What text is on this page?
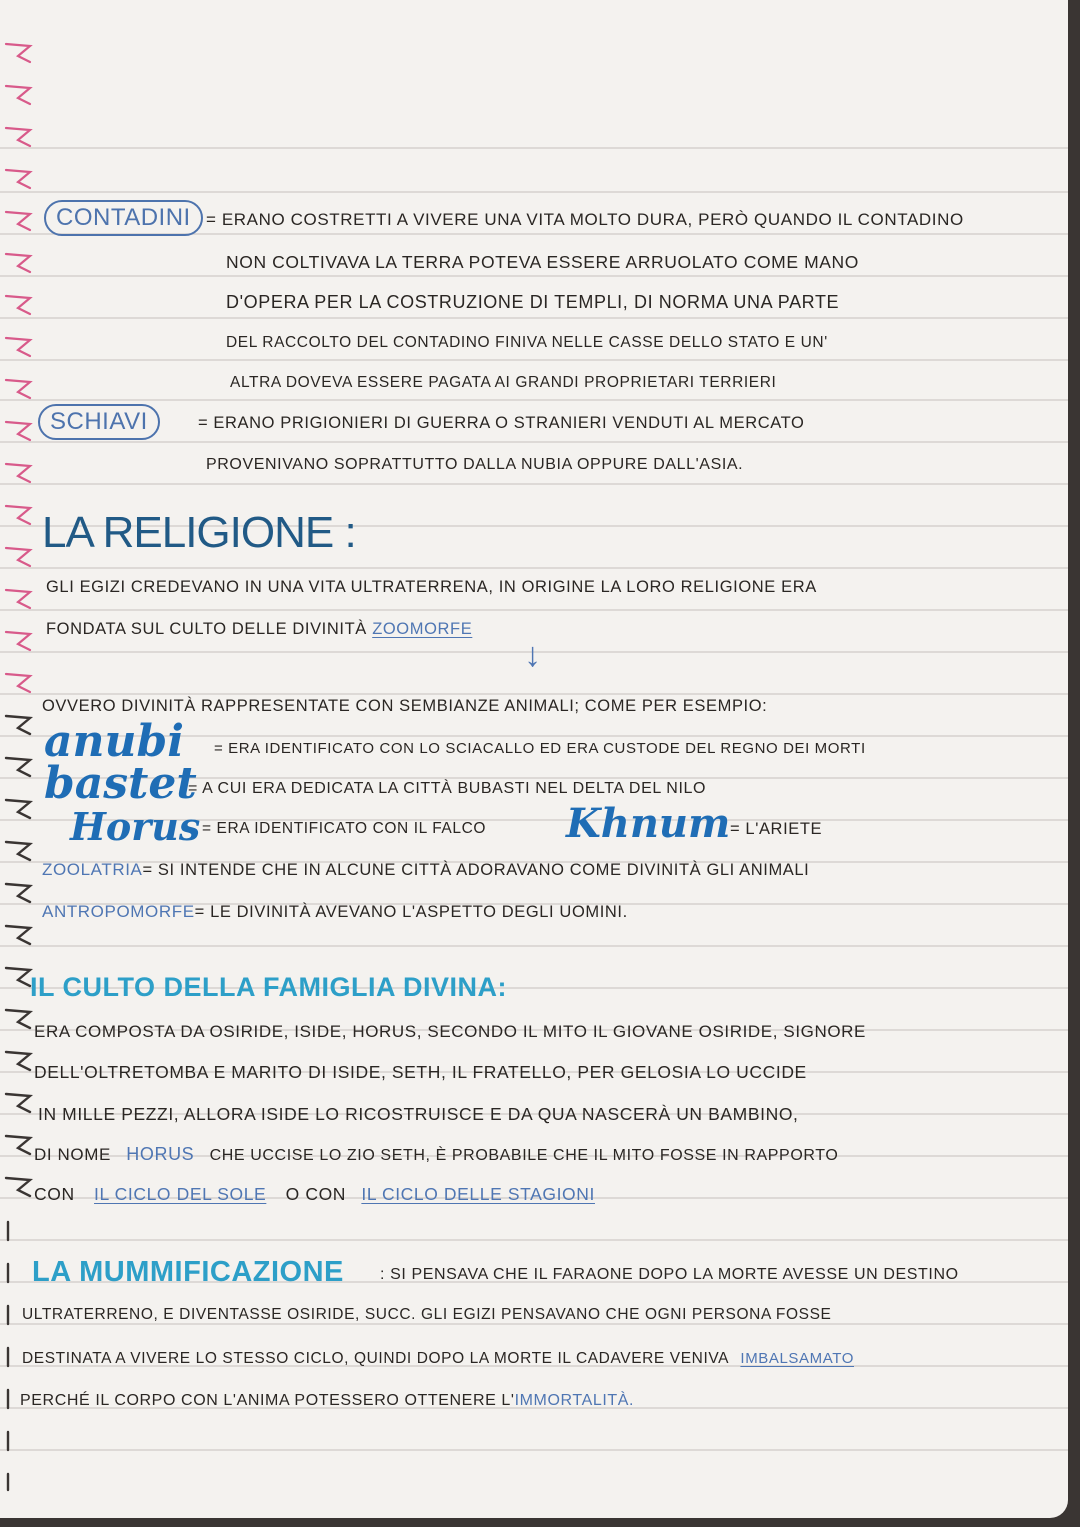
CONTADINI = ERANO COSTRETTI A VIVERE UNA VITA MOLTO DURA, PERÒ QUANDO IL CONTADINO
NON COLTIVAVA LA TERRA POTEVA ESSERE ARRUOLATO COME MANO
D'OPERA PER LA COSTRUZIONE DI TEMPLI, DI NORMA UNA PARTE
DEL RACCOLTO DEL CONTADINO FINIVA NELLE CASSE DELLO STATO E UN'
ALTRA DOVEVA ESSERE PAGATA AI GRANDI PROPRIETARI TERRIERI
SCHIAVI	= ERANO PRIGIONIERI DI GUERRA O STRANIERI VENDUTI AL MERCATO
PROVENIVANO SOPRATTUTTO DALLA NUBIA OPPURE DALL'ASIA.
LA RELIGIONE :
GLI EGIZI CREDEVANO IN UNA VITA ULTRATERRENA, IN ORIGINE LA LORO RELIGIONE ERA
FONDATA SUL CULTO DELLE DIVINITÀ ZOOMORFE
↓
OVVERO DIVINITÀ RAPPRESENTATE CON SEMBIANZE ANIMALI; COME PER ESEMPIO:
anubi = ERA IDENTIFICATO CON LO SCIACALLO ED ERA CUSTODE DEL REGNO DEI MORTI
bastet
= A CUI ERA DEDICATA LA CITTÀ BUBASTI NEL DELTA DEL NILO
Horus = ERA IDENTIFICATO CON IL FALCO Khnum = L'ARIETE
ZOOLATRIA= SI INTENDE CHE IN ALCUNE CITTÀ ADORAVANO COME DIVINITÀ GLI ANIMALI
ANTROPOMORFE= LE DIVINITÀ AVEVANO L'ASPETTO DEGLI UOMINI.
IL CULTO DELLA FAMIGLIA DIVINA:
ERA COMPOSTA DA OSIRIDE, ISIDE, HORUS, SECONDO IL MITO IL GIOVANE OSIRIDE, SIGNORE
DELL'OLTRETOMBA E MARITO DI ISIDE, SETH, IL FRATELLO, PER GELOSIA LO UCCIDE
IN MILLE PEZZI, ALLORA ISIDE LO RICOSTRUISCE E DA QUA NASCERÀ UN BAMBINO,
DI NOME HORUS CHE UCCISE LO ZIO SETH, È PROBABILE CHE IL MITO FOSSE IN RAPPORTO
CON IL CICLO DEL SOLE O CON IL CICLO DELLE STAGIONI
LA MUMMIFICAZIONE : SI PENSAVA CHE IL FARAONE DOPO LA MORTE AVESSE UN DESTINO
ULTRATERRENO, E DIVENTASSE OSIRIDE, SUCC. GLI EGIZI PENSAVANO CHE OGNI PERSONA FOSSE
DESTINATA A VIVERE LO STESSO CICLO, QUINDI DOPO LA MORTE IL CADAVERE VENIVA IMBALSAMATO
PERCHÉ IL CORPO CON L'ANIMA POTESSERO OTTENERE L'IMMORTALITÀ.
